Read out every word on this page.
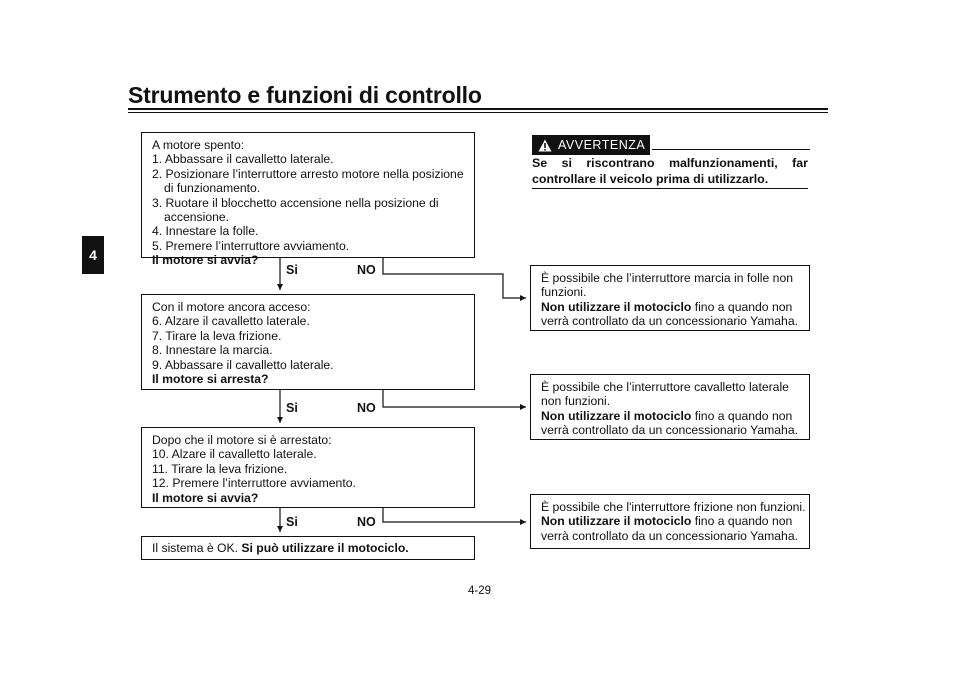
Strumento e funzioni di controllo
4
A motore spento:
1. Abbassare il cavalletto laterale.
2. Posizionare l’interruttore arresto motore nella posizione
di funzionamento.
3. Ruotare il blocchetto accensione nella posizione di
accensione.
4. Innestare la folle.
5. Premere l’interruttore avviamento.
Il motore si avvia?
Si	NO
Con il motore ancora acceso:
6. Alzare il cavalletto laterale.
7. Tirare la leva frizione.
8. Innestare la marcia.
9. Abbassare il cavalletto laterale.
Il motore si arresta?
Si	NO
Dopo che il motore si è arrestato:
10. Alzare il cavalletto laterale.
11. Tirare la leva frizione.
12. Premere l’interruttore avviamento.
Il motore si avvia?
Si	NO
Il sistema è OK. Si può utilizzare il motociclo.
AVVERTENZA
Se si riscontrano malfunzionamenti, far controllare il veicolo prima di utilizzarlo.
È possibile che l’interruttore marcia in folle non
funzioni.
Non utilizzare il motociclo fino a quando non
verrà controllato da un concessionario Yamaha.
È possibile che l’interruttore cavalletto laterale
non funzioni.
Non utilizzare il motociclo fino a quando non
verrà controllato da un concessionario Yamaha.
È possibile che l'interruttore frizione non funzioni.
Non utilizzare il motociclo fino a quando non
verrà controllato da un concessionario Yamaha.
4-29
